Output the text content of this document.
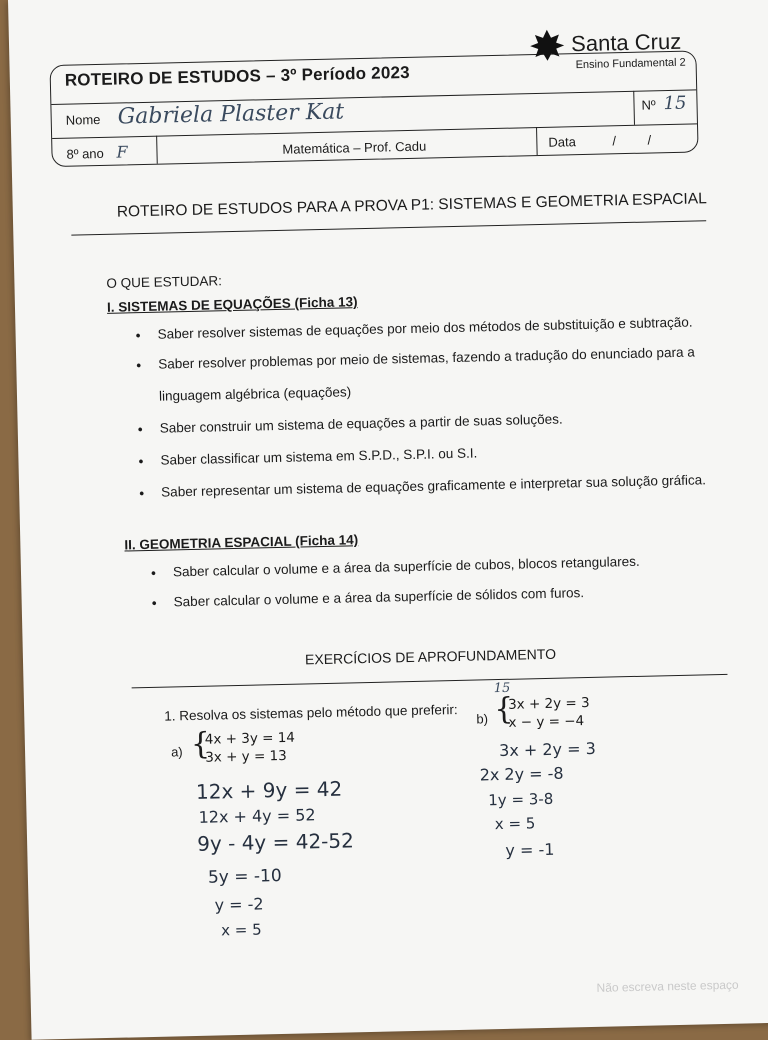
ROTEIRO DE ESTUDOS – 3º Período 2023
Nome Gabriela Plaster Kat	Nº 15
8º ano F	Matemática – Prof. Cadu	Data	/ /
Santa Cruz
Ensino Fundamental 2
ROTEIRO DE ESTUDOS PARA A PROVA P1: SISTEMAS E GEOMETRIA ESPACIAL
O QUE ESTUDAR:
I. SISTEMAS DE EQUAÇÕES (Ficha 13)
• Saber resolver sistemas de equações por meio dos métodos de substituição e subtração.
• Saber resolver problemas por meio de sistemas, fazendo a tradução do enunciado para a
linguagem algébrica (equações)
• Saber construir um sistema de equações a partir de suas soluções.
• Saber classificar um sistema em S.P.D., S.P.I. ou S.I.
• Saber representar um sistema de equações graficamente e interpretar sua solução gráfica.
II. GEOMETRIA ESPACIAL (Ficha 14)
• Saber calcular o volume e a área da superfície de cubos, blocos retangulares.
• Saber calcular o volume e a área da superfície de sólidos com furos.
EXERCÍCIOS DE APROFUNDAMENTO
1. Resolva os sistemas pelo método que preferir:
a) {
4x + 3y = 14
3x + y = 13
15
b) {
3x + 2y = 3
x − y = −4
12x + 9y = 42
12x + 4y = 52
9y - 4y = 42-52
5y = -10
y = -2
x = 5
3x + 2y = 3
2x 2y = -8
1y = 3-8
x = 5
y = -1
Não escreva neste espaço
